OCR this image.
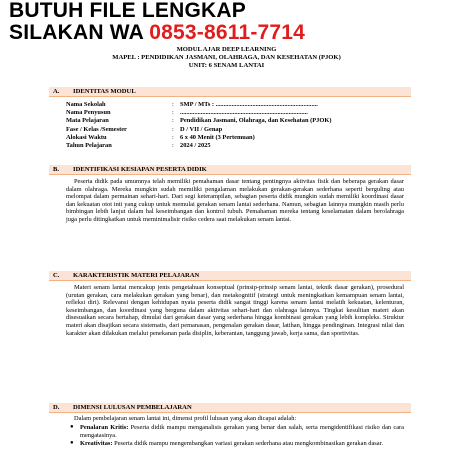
BUTUH FILE LENGKAP
SILAKAN WA 0853-8611-7714
MODUL AJAR DEEP LEARNING
MAPEL : PENDIDIKAN JASMANI, OLAHRAGA, DAN KESEHATAN (PJOK)
UNIT: 6 SENAM LANTAI
A. IDENTITAS MODUL
Nama Sekolah	: SMP / MTs : ................................................................
Nama Penyusun	: ................................................................................
Mata Pelajaran	: Pendidikan Jasmani, Olahraga, dan Kesehatan (PJOK)
Fase / Kelas /Semester	: D / VII / Genap
Alokasi Waktu	: 6 x 40 Menit (3 Pertemuan)
Tahun Pelajaran	: 2024 / 2025
B. IDENTIFIKASI KESIAPAN PESERTA DIDIK

Peserta didik pada umumnya telah memiliki pemahaman dasar tentang pentingnya aktivitas fisik dan beberapa gerakan dasar dalam olahraga. Mereka mungkin sudah memiliki pengalaman melakukan gerakan-gerakan sederhana seperti berguling atau melompat dalam permainan sehari-hari. Dari segi keterampilan, sebagian peserta didik mungkin sudah memiliki koordinasi dasar dan kekuatan otot inti yang cukup untuk memulai gerakan senam lantai sederhana. Namun, sebagian lainnya mungkin masih perlu bimbingan lebih lanjut dalam hal keseimbangan dan kontrol tubuh. Pemahaman mereka tentang keselamatan dalam berolahraga juga perlu ditingkatkan untuk meminimalisir risiko cedera saat melakukan senam lantai.

C. KARAKTERISTIK MATERI PELAJARAN

Materi senam lantai mencakup jenis pengetahuan konseptual (prinsip-prinsip senam lantai, teknik dasar gerakan), prosedural (urutan gerakan, cara melakukan gerakan yang benar), dan metakognitif (strategi untuk meningkatkan kemampuan senam lantai, refleksi diri). Relevansi dengan kehidupan nyata peserta didik sangat tinggi karena senam lantai melatih kekuatan, kelenturan, keseimbangan, dan koordinasi yang berguna dalam aktivitas sehari-hari dan olahraga lainnya. Tingkat kesulitan materi akan disesuaikan secara bertahap, dimulai dari gerakan dasar yang sederhana hingga kombinasi gerakan yang lebih kompleks. Struktur materi akan disajikan secara sistematis, dari pemanasan, pengenalan gerakan dasar, latihan, hingga pendinginan. Integrasi nilai dan karakter akan dilakukan melalui penekanan pada disiplin, keberanian, tanggung jawab, kerja sama, dan sportivitas.

D. DIMENSI LULUSAN PEMBELAJARAN

Dalam pembelajaran senam lantai ini, dimensi profil lulusan yang akan dicapai adalah:

● Penalaran Kritis: Peserta didik mampu menganalisis gerakan yang benar dan salah, serta mengidentifikasi risiko dan cara mengatasinya.
● Kreativitas: Peserta didik mampu mengembangkan variasi gerakan sederhana atau mengkombinasikan gerakan dasar.
